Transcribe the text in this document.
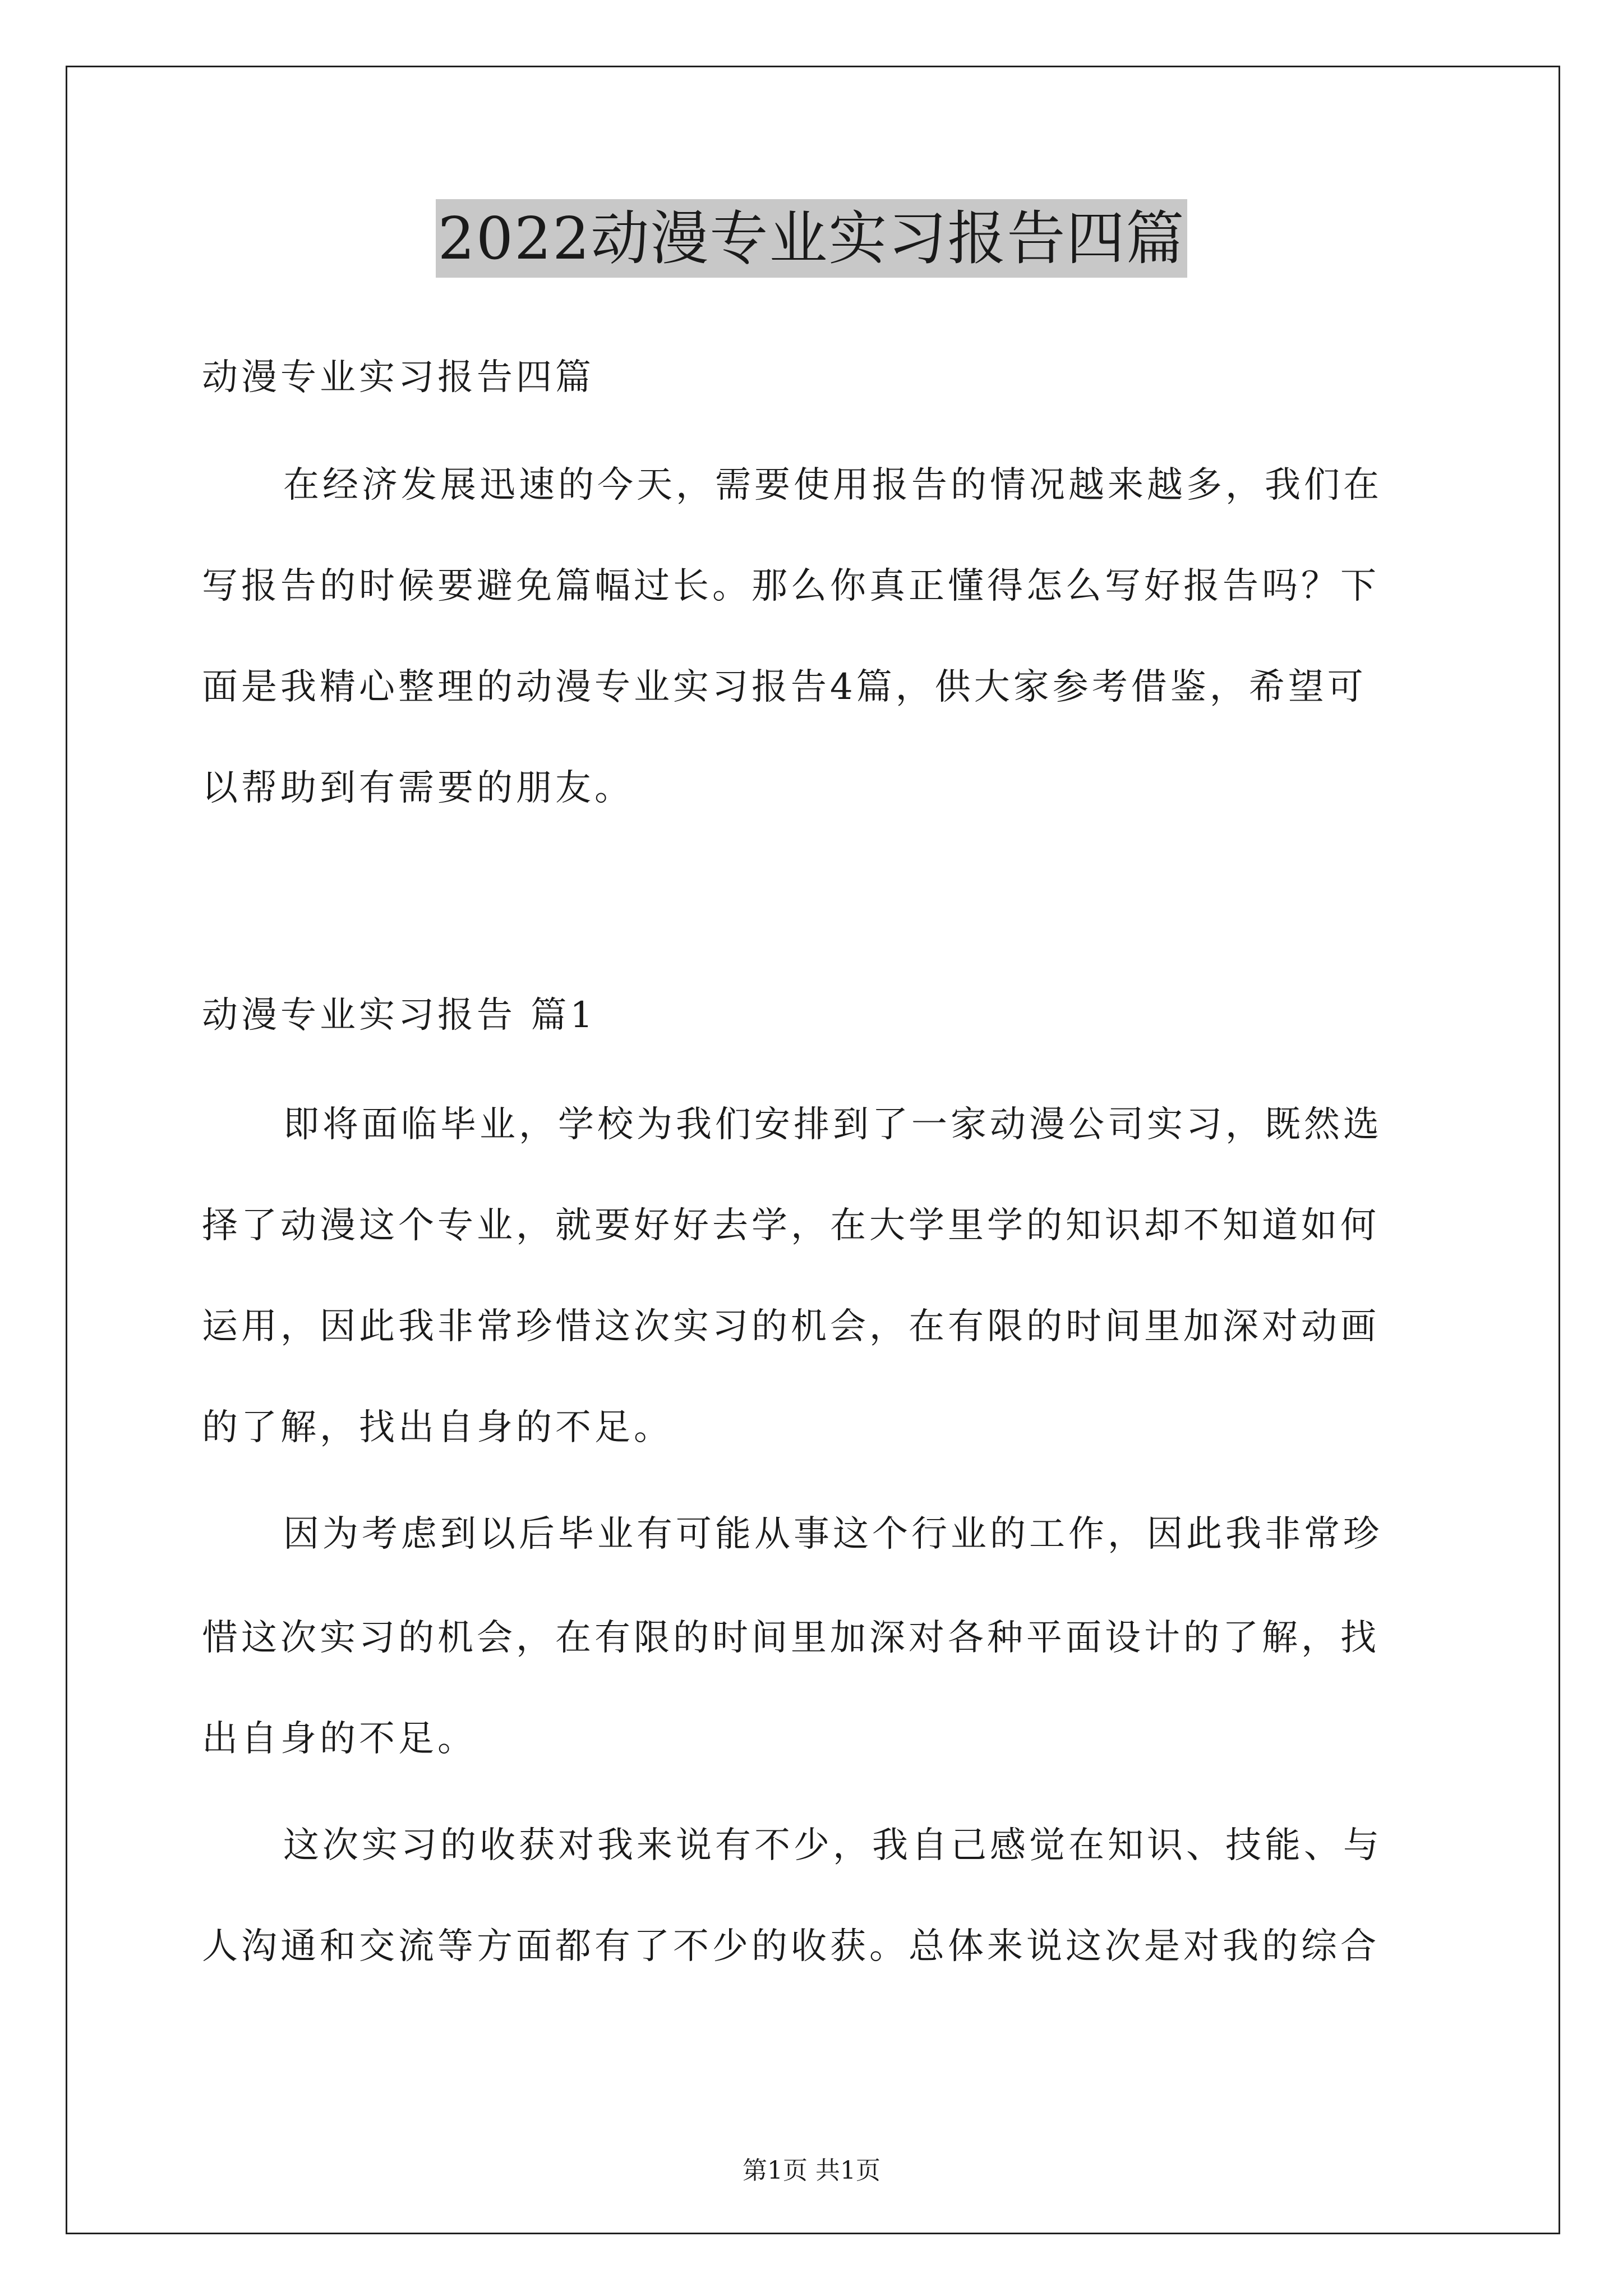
2022动漫专业实习报告四篇
动漫专业实习报告四篇
在经济发展迅速的今天，需要使用报告的情况越来越多，我们在
写报告的时候要避免篇幅过长。那么你真正懂得怎么写好报告吗？下
面是我精心整理的动漫专业实习报告4篇，供大家参考借鉴，希望可
以帮助到有需要的朋友。
动漫专业实习报告 篇1
即将面临毕业，学校为我们安排到了一家动漫公司实习，既然选
择了动漫这个专业，就要好好去学，在大学里学的知识却不知道如何
运用，因此我非常珍惜这次实习的机会，在有限的时间里加深对动画
的了解，找出自身的不足。
因为考虑到以后毕业有可能从事这个行业的工作，因此我非常珍
惜这次实习的机会，在有限的时间里加深对各种平面设计的了解，找
出自身的不足。
这次实习的收获对我来说有不少，我自己感觉在知识、技能、与
人沟通和交流等方面都有了不少的收获。总体来说这次是对我的综合
第1页 共1页
